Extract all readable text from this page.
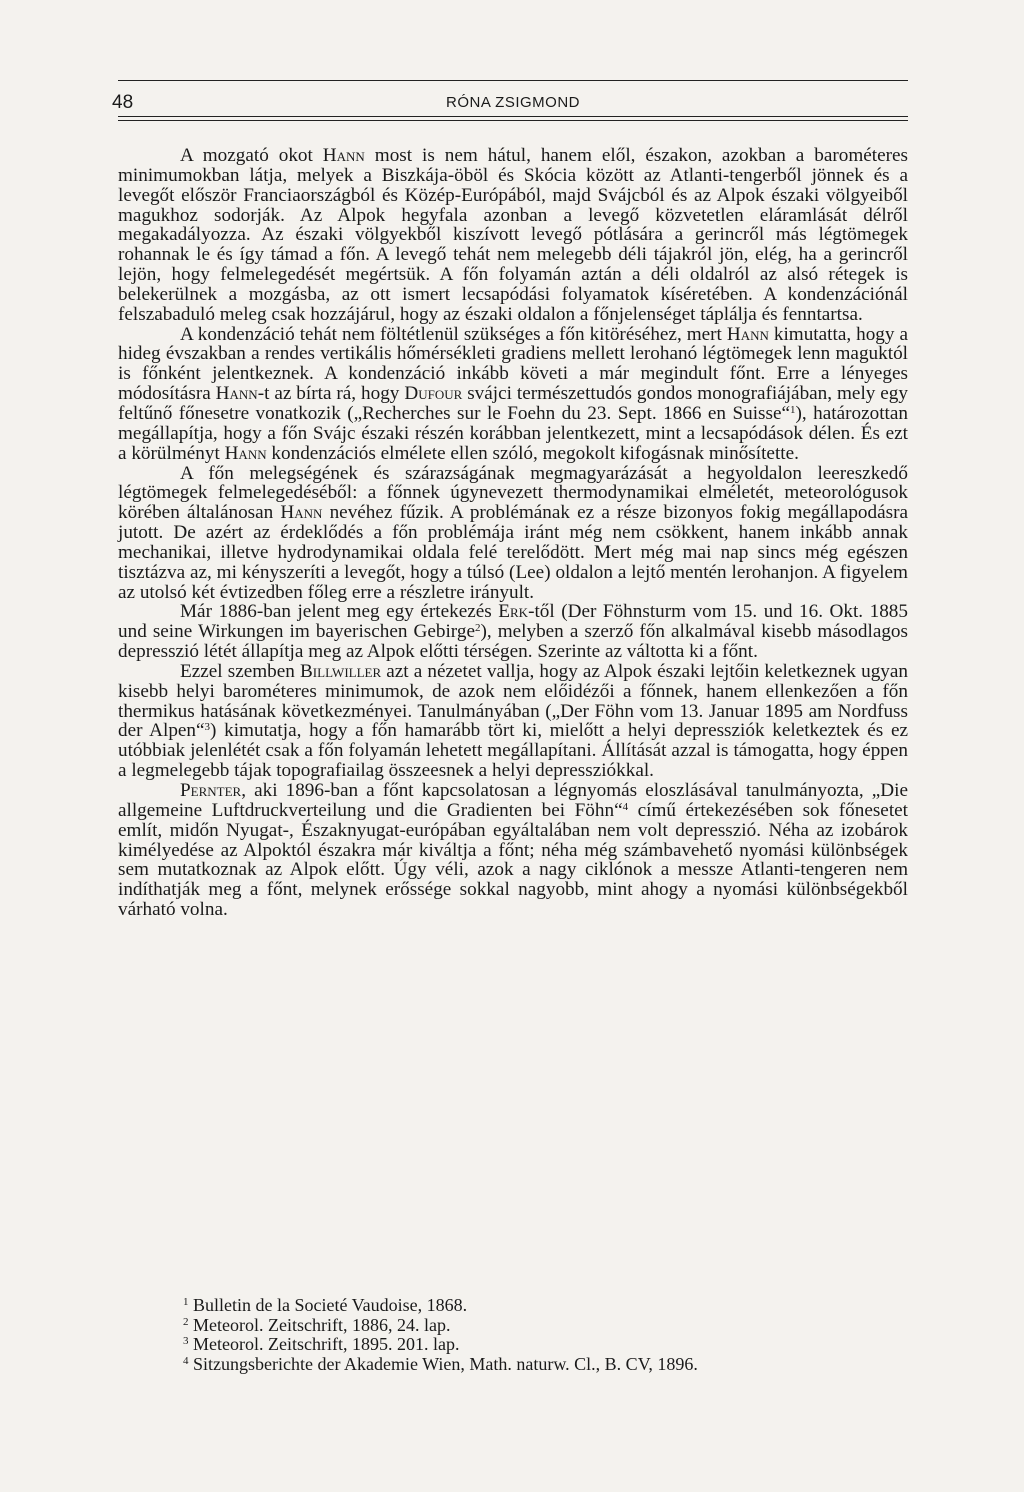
48	RÓNA ZSIGMOND

A mozgató okot Hann most is nem hátul, hanem elől, északon, azokban a barométeres minimumokban látja, melyek a Biszkája-öböl és Skócia között az Atlanti-tengerből jönnek és a levegőt először Franciaországból és Közép-Európából, majd Svájcból és az Alpok északi völgyeiből magukhoz sodorják. Az Alpok hegyfala azonban a levegő közvetetlen eláramlását délről megakadályozza. Az északi völgyekből kiszívott levegő pótlására a gerincről más légtömegek rohannak le és így támad a főn. A levegő tehát nem melegebb déli tájakról jön, elég, ha a gerincről lejön, hogy felmelegedését megértsük. A főn folyamán aztán a déli oldalról az alsó rétegek is belekerülnek a mozgásba, az ott ismert lecsapódási folyamatok kíséretében. A kondenzációnál felszabaduló meleg csak hozzájárul, hogy az északi oldalon a főnjelenséget táplálja és fenntartsa.

A kondenzáció tehát nem föltétlenül szükséges a főn kitöréséhez, mert Hann kimutatta, hogy a hideg évszakban a rendes vertikális hőmérsékleti gradiens mellett lerohanó légtömegek lenn maguktól is főnként jelentkeznek. A kondenzáció inkább követi a már megindult főnt. Erre a lényeges módosításra Hann-t az bírta rá, hogy Dufour svájci természettudós gondos monografiájában, mely egy feltűnő főnesetre vonatkozik („Recherches sur le Foehn du 23. Sept. 1866 en Suisse“$^1$), határozottan megállapítja, hogy a főn Svájc északi részén korábban jelentkezett, mint a lecsapódások délen. És ezt a körülményt Hann kondenzációs elmélete ellen szóló, megokolt kifogásnak minősítette.

A főn melegségének és szárazságának megmagyarázását a hegyoldalon leereszkedő légtömegek felmelegedéséből: a főnnek úgynevezett thermodynamikai elméletét, meteorológusok körében általánosan Hann nevéhez fűzik. A problémának ez a része bizonyos fokig megállapodásra jutott. De azért az érdeklődés a főn problémája iránt még nem csökkent, hanem inkább annak mechanikai, illetve hydrodynamikai oldala felé terelődött. Mert még mai nap sincs még egészen tisztázva az, mi kényszeríti a levegőt, hogy a túlsó (Lee) oldalon a lejtő mentén lerohanjon. A figyelem az utolsó két évtizedben főleg erre a részletre irányult.

Már 1886-ban jelent meg egy értekezés Erk-től (Der Föhnsturm vom 15. und 16. Okt. 1885 und seine Wirkungen im bayerischen Gebirge$^2$), melyben a szerző főn alkalmával kisebb másodlagos depresszió létét állapítja meg az Alpok előtti térségen. Szerinte az váltotta ki a főnt.

Ezzel szemben Billwiller azt a nézetet vallja, hogy az Alpok északi lejtőin keletkeznek ugyan kisebb helyi barométeres minimumok, de azok nem előidézői a főnnek, hanem ellenkezően a főn thermikus hatásának következményei. Tanulmányában („Der Föhn vom 13. Januar 1895 am Nordfuss der Alpen“$^3$) kimutatja, hogy a főn hamarább tört ki, mielőtt a helyi depressziók keletkeztek és ez utóbbiak jelenlétét csak a főn folyamán lehetett megállapítani. Állítását azzal is támogatta, hogy éppen a legmelegebb tájak topografiailag összeesnek a helyi depressziókkal.

Pernter, aki 1896-ban a főnt kapcsolatosan a légnyomás eloszlásával tanulmányozta, „Die allgemeine Luftdruckverteilung und die Gradienten bei Föhn“$^4$ című értekezésében sok főnesetet említ, midőn Nyugat-, Északnyugat-európában egyáltalában nem volt depresszió. Néha az izobárok kimélyedése az Alpoktól északra már kiváltja a főnt; néha még számbavehető nyomási különbségek sem mutatkoznak az Alpok előtt. Úgy véli, azok a nagy ciklónok a messze Atlanti-tengeren nem indíthatják meg a főnt, melynek erőssége sokkal nagyobb, mint ahogy a nyomási különbségekből várható volna.

$^1$ Bulletin de la Societé Vaudoise, 1868.
$^2$ Meteorol. Zeitschrift, 1886, 24. lap.
$^3$ Meteorol. Zeitschrift, 1895. 201. lap.
$^4$ Sitzungsberichte der Akademie Wien, Math. naturw. Cl., B. CV, 1896.
